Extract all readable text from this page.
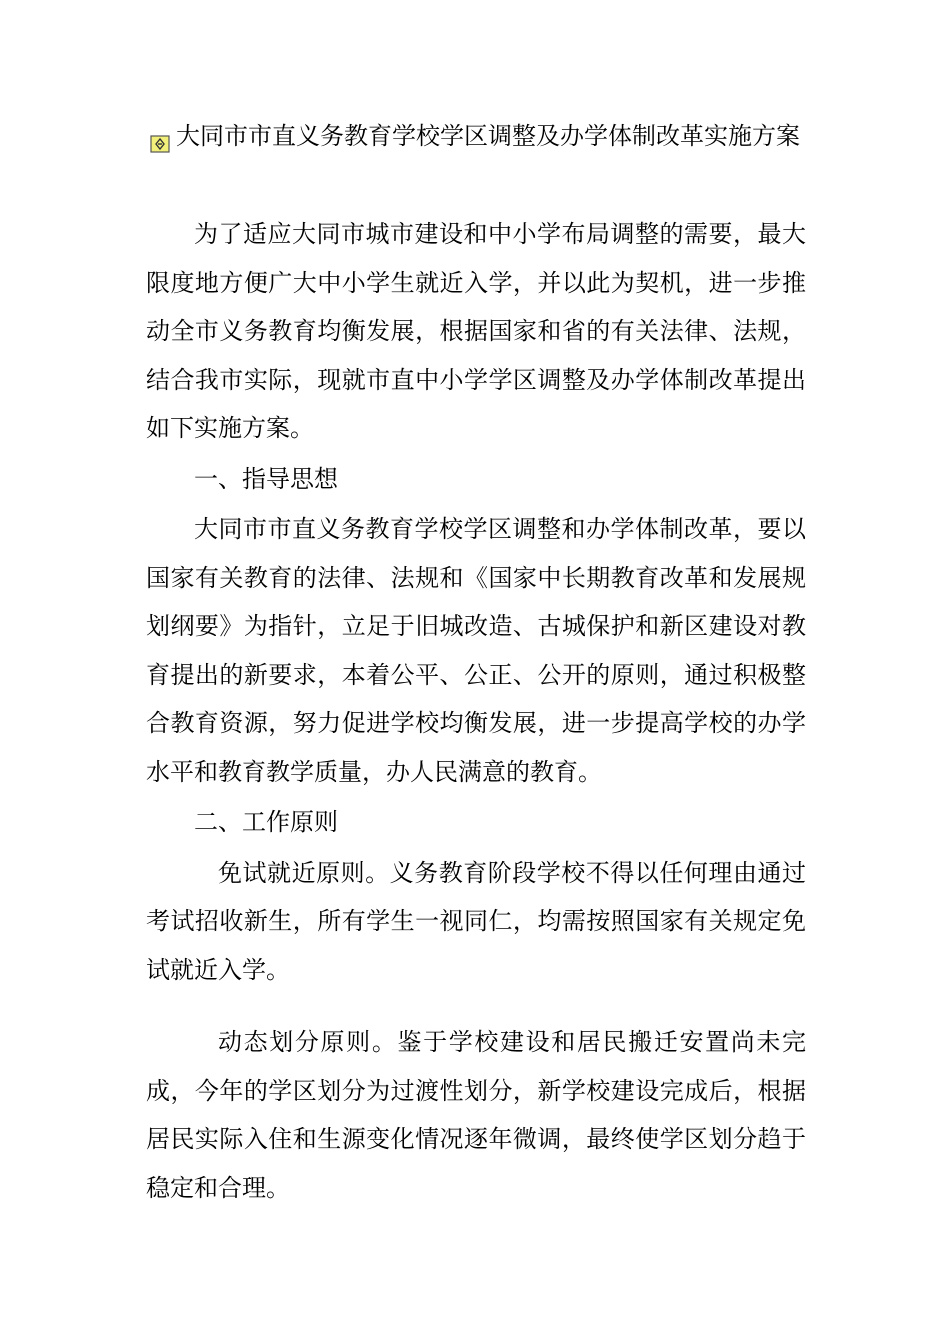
大同市市直义务教育学校学区调整及办学体制改革实施方案

为了适应大同市城市建设和中小学布局调整的需要，最大限度地方便广大中小学生就近入学，并以此为契机，进一步推动全市义务教育均衡发展，根据国家和省的有关法律、法规，结合我市实际，现就市直中小学学区调整及办学体制改革提出如下实施方案。

一、指导思想

大同市市直义务教育学校学区调整和办学体制改革，要以国家有关教育的法律、法规和《国家中长期教育改革和发展规划纲要》为指针，立足于旧城改造、古城保护和新区建设对教育提出的新要求，本着公平、公正、公开的原则，通过积极整合教育资源，努力促进学校均衡发展，进一步提高学校的办学水平和教育教学质量，办人民满意的教育。

二、工作原则

免试就近原则。义务教育阶段学校不得以任何理由通过考试招收新生，所有学生一视同仁，均需按照国家有关规定免试就近入学。

动态划分原则。鉴于学校建设和居民搬迁安置尚未完成，今年的学区划分为过渡性划分，新学校建设完成后，根据居民实际入住和生源变化情况逐年微调，最终使学区划分趋于稳定和合理。
